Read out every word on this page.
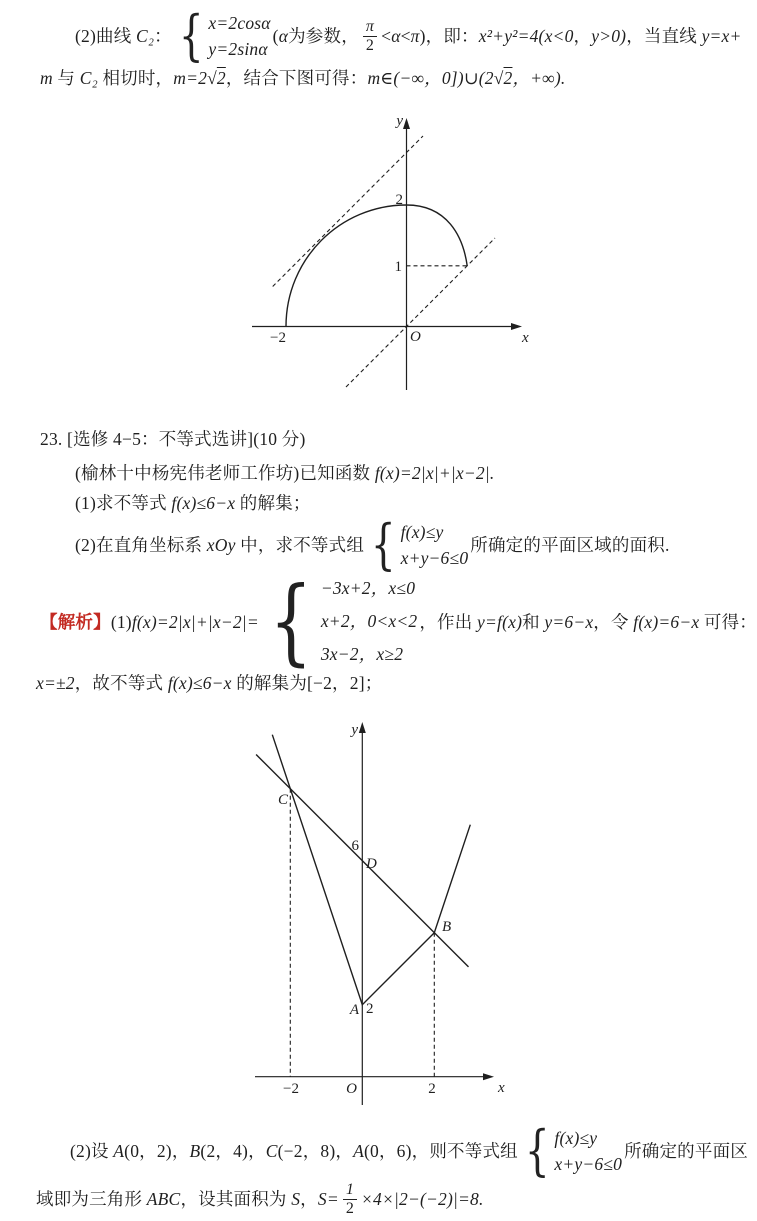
(2)曲线 C₂： { x=2cosα
y=2sinα
(α为参数， $\frac{\pi}{2} <\alpha<\pi$)，即：x²+y²=4(x<0，y>0)，当直线 y=x+
m 与 C₂ 相切时，m=2√2，结合下图可得：m∈(−∞，0])∪(2√2，+∞).
y
x
O
2
1
−2
23. [选修 4−5：不等式选讲](10 分)
(榆林十中杨宪伟老师工作坊)已知函数 f(x)=2|x|+|x−2|.
(1)求不等式 f(x)≤6−x 的解集；
(2)在直角坐标系 xOy 中，求不等式组 { f(x)≤y
x+y−6≤0
所确定的平面区域的面积.
【解析】(1)f(x)=2|x|+|x−2|= { −3x+2，x≤0
x+2，0<x<2
3x−2，x≥2
，作出 y=f(x)和 y=6−x，令 f(x)=6−x 可得：
x=±2，故不等式 f(x)≤6−x 的解集为[−2，2]；
y
x
O
C
6
D
B
A 2
−2	2
(2)设 A(0，2)，B(2，4)，C(−2，8)，A(0，6)，则不等式组 { f(x)≤y
x+y−6≤0
所确定的平面区
域即为三角形 ABC，设其面积为 S，$S= \frac{1}{2} \times 4\times|2-(-2)|=8$.
